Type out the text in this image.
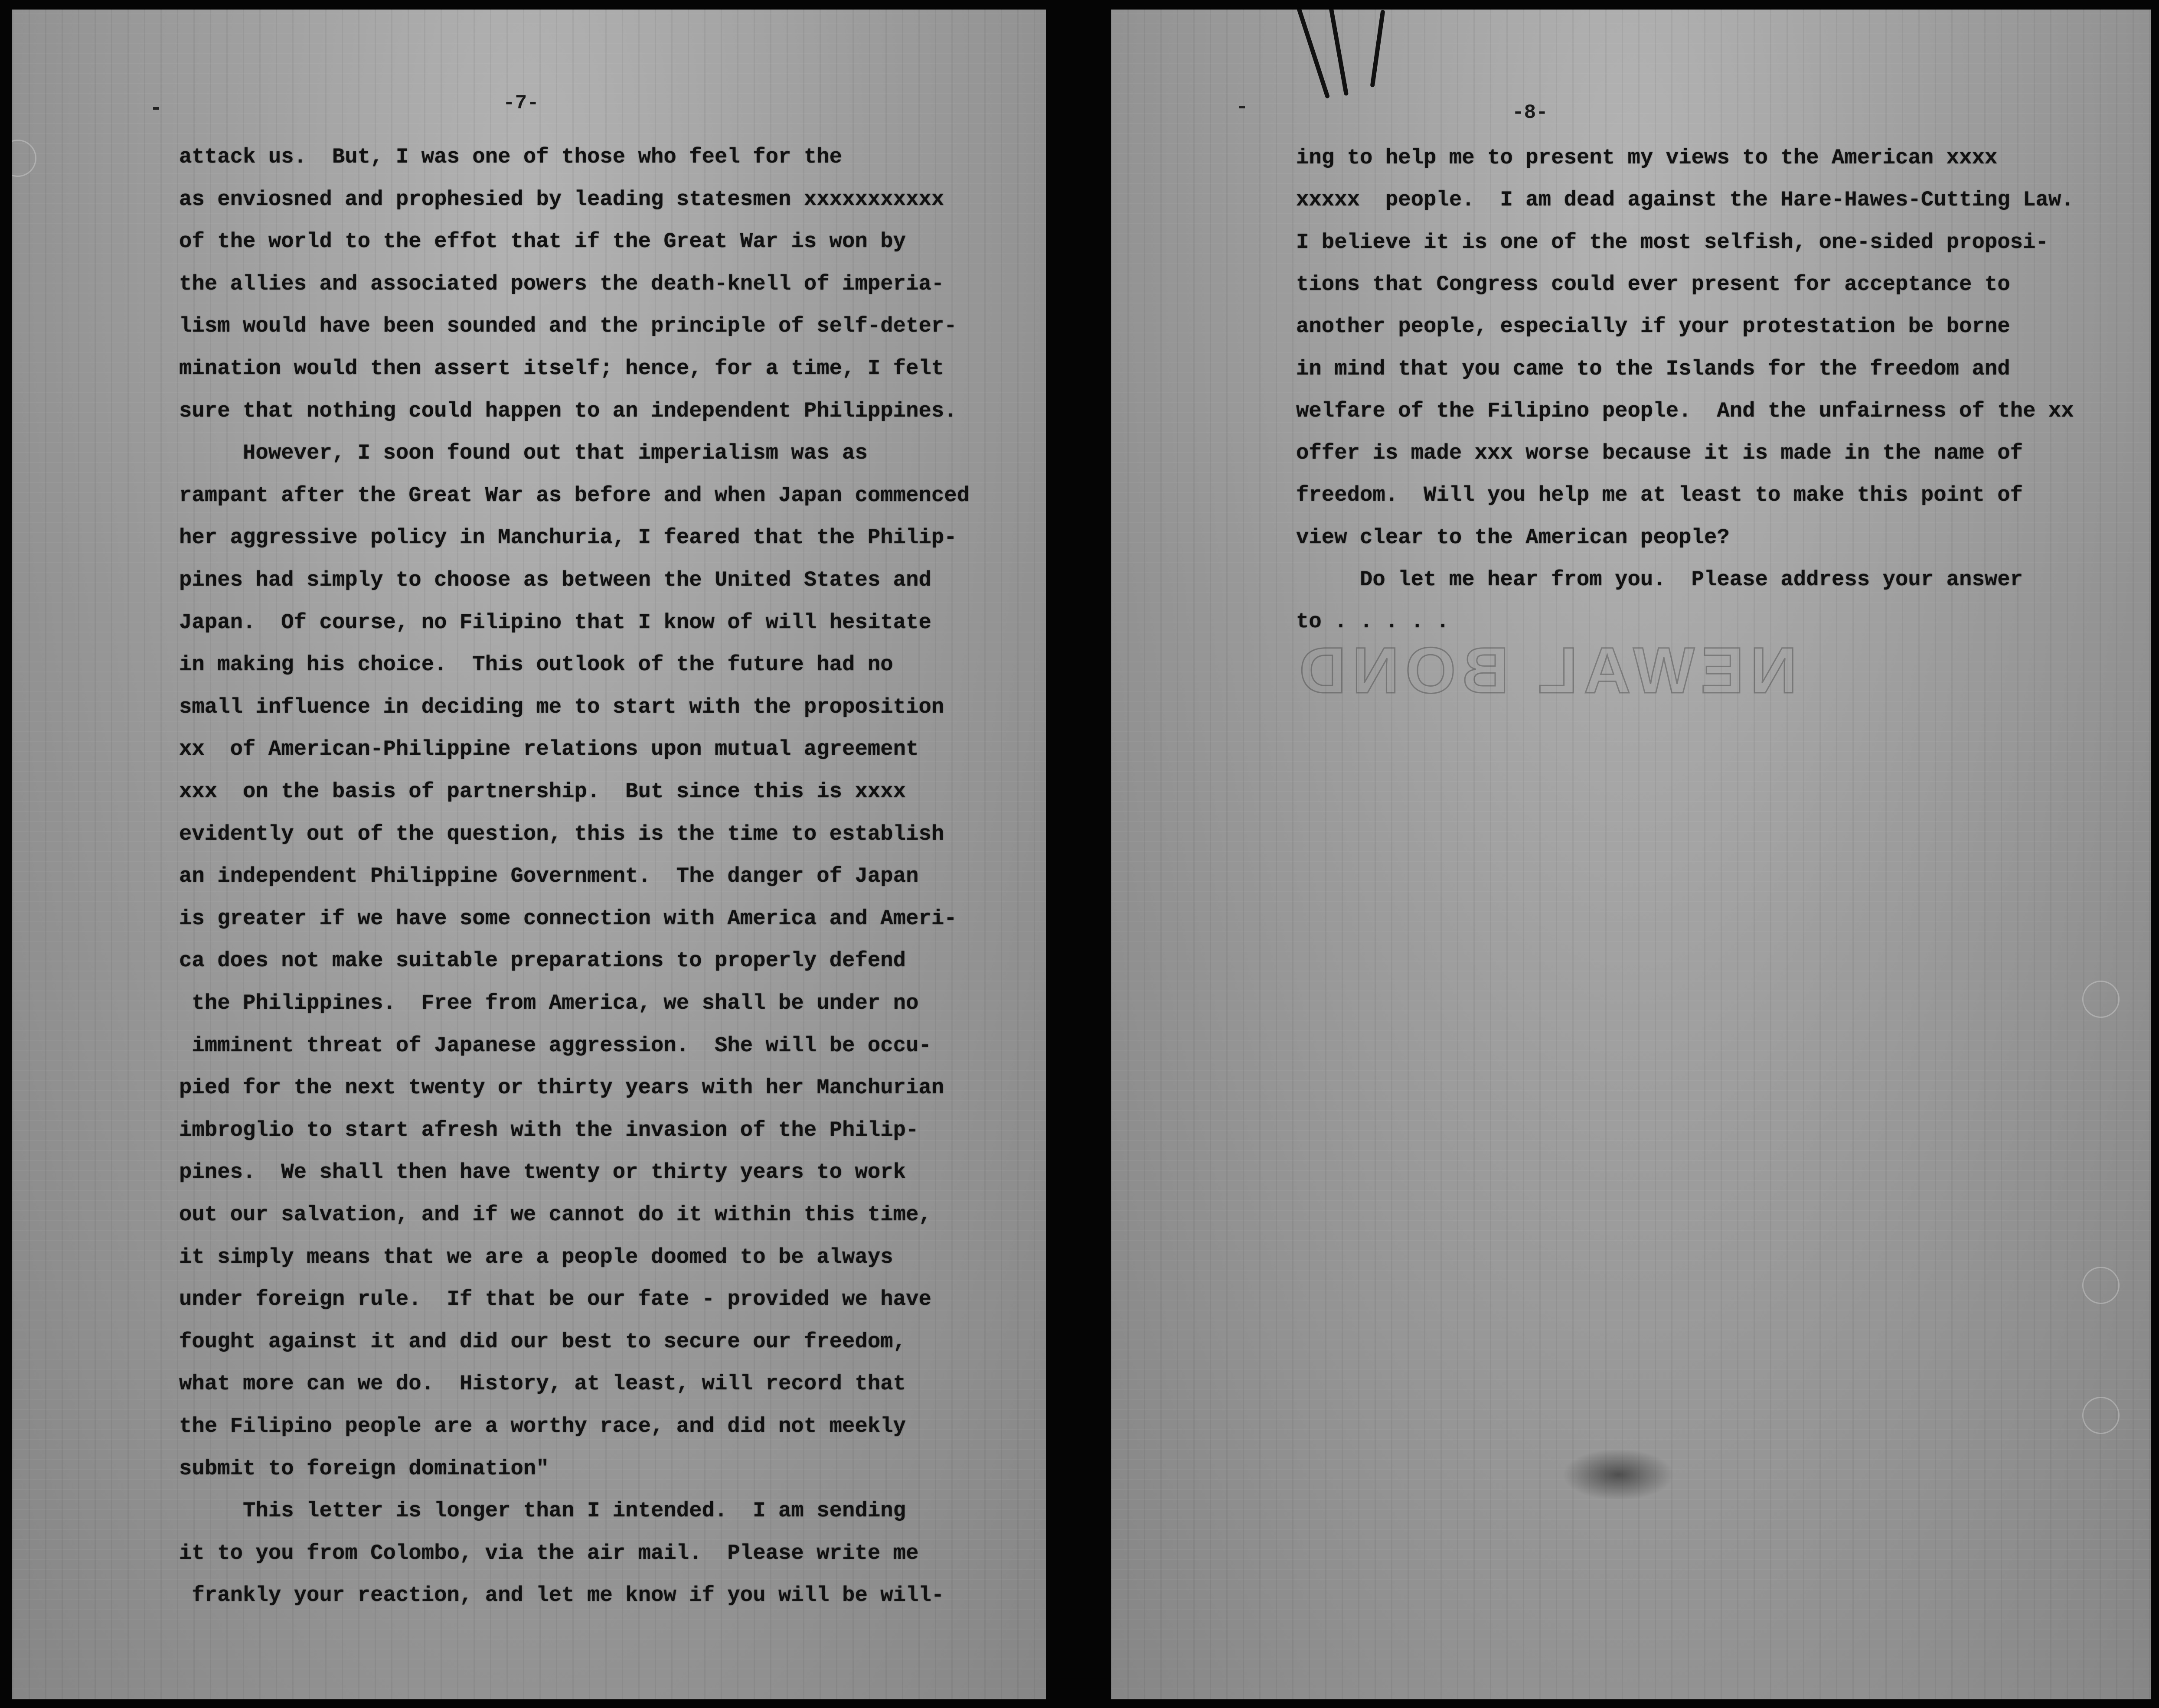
-7-
attack us.  But, I was one of those who feel for the
as enviosned and prophesied by leading statesmen xxxxxxxxxxx
of the world to the effot that if the Great War is won by
the allies and associated powers the death-knell of imperia-
lism would have been sounded and the principle of self-deter-
mination would then assert itself; hence, for a time, I felt
sure that nothing could happen to an independent Philippines.
However, I soon found out that imperialism was as
rampant after the Great War as before and when Japan commenced
her aggressive policy in Manchuria, I feared that the Philip-
pines had simply to choose as between the United States and
Japan.  Of course, no Filipino that I know of will hesitate
in making his choice.  This outlook of the future had no
small influence in deciding me to start with the proposition
xx  of American-Philippine relations upon mutual agreement
xxx  on the basis of partnership.  But since this is xxxx
evidently out of the question, this is the time to establish
an independent Philippine Government.  The danger of Japan
is greater if we have some connection with America and Ameri-
ca does not make suitable preparations to properly defend
the Philippines.  Free from America, we shall be under no
imminent threat of Japanese aggression.  She will be occu-
pied for the next twenty or thirty years with her Manchurian
imbroglio to start afresh with the invasion of the Philip-
pines.  We shall then have twenty or thirty years to work
out our salvation, and if we cannot do it within this time,
it simply means that we are a people doomed to be always
under foreign rule.  If that be our fate - provided we have
fought against it and did our best to secure our freedom,
what more can we do.  History, at least, will record that
the Filipino people are a worthy race, and did not meekly
submit to foreign domination"
This letter is longer than I intended.  I am sending
it to you from Colombo, via the air mail.  Please write me
frankly your reaction, and let me know if you will be will-
-8-
ing to help me to present my views to the American xxxx
xxxxx  people.  I am dead against the Hare-Hawes-Cutting Law.
I believe it is one of the most selfish, one-sided proposi-
tions that Congress could ever present for acceptance to
another people, especially if your protestation be borne
in mind that you came to the Islands for the freedom and
welfare of the Filipino people.  And the unfairness of the xx
offer is made xxx worse because it is made in the name of
freedom.  Will you help me at least to make this point of
view clear to the American people?
Do let me hear from you.  Please address your answer
to . . . . .
NEWAL BOND
